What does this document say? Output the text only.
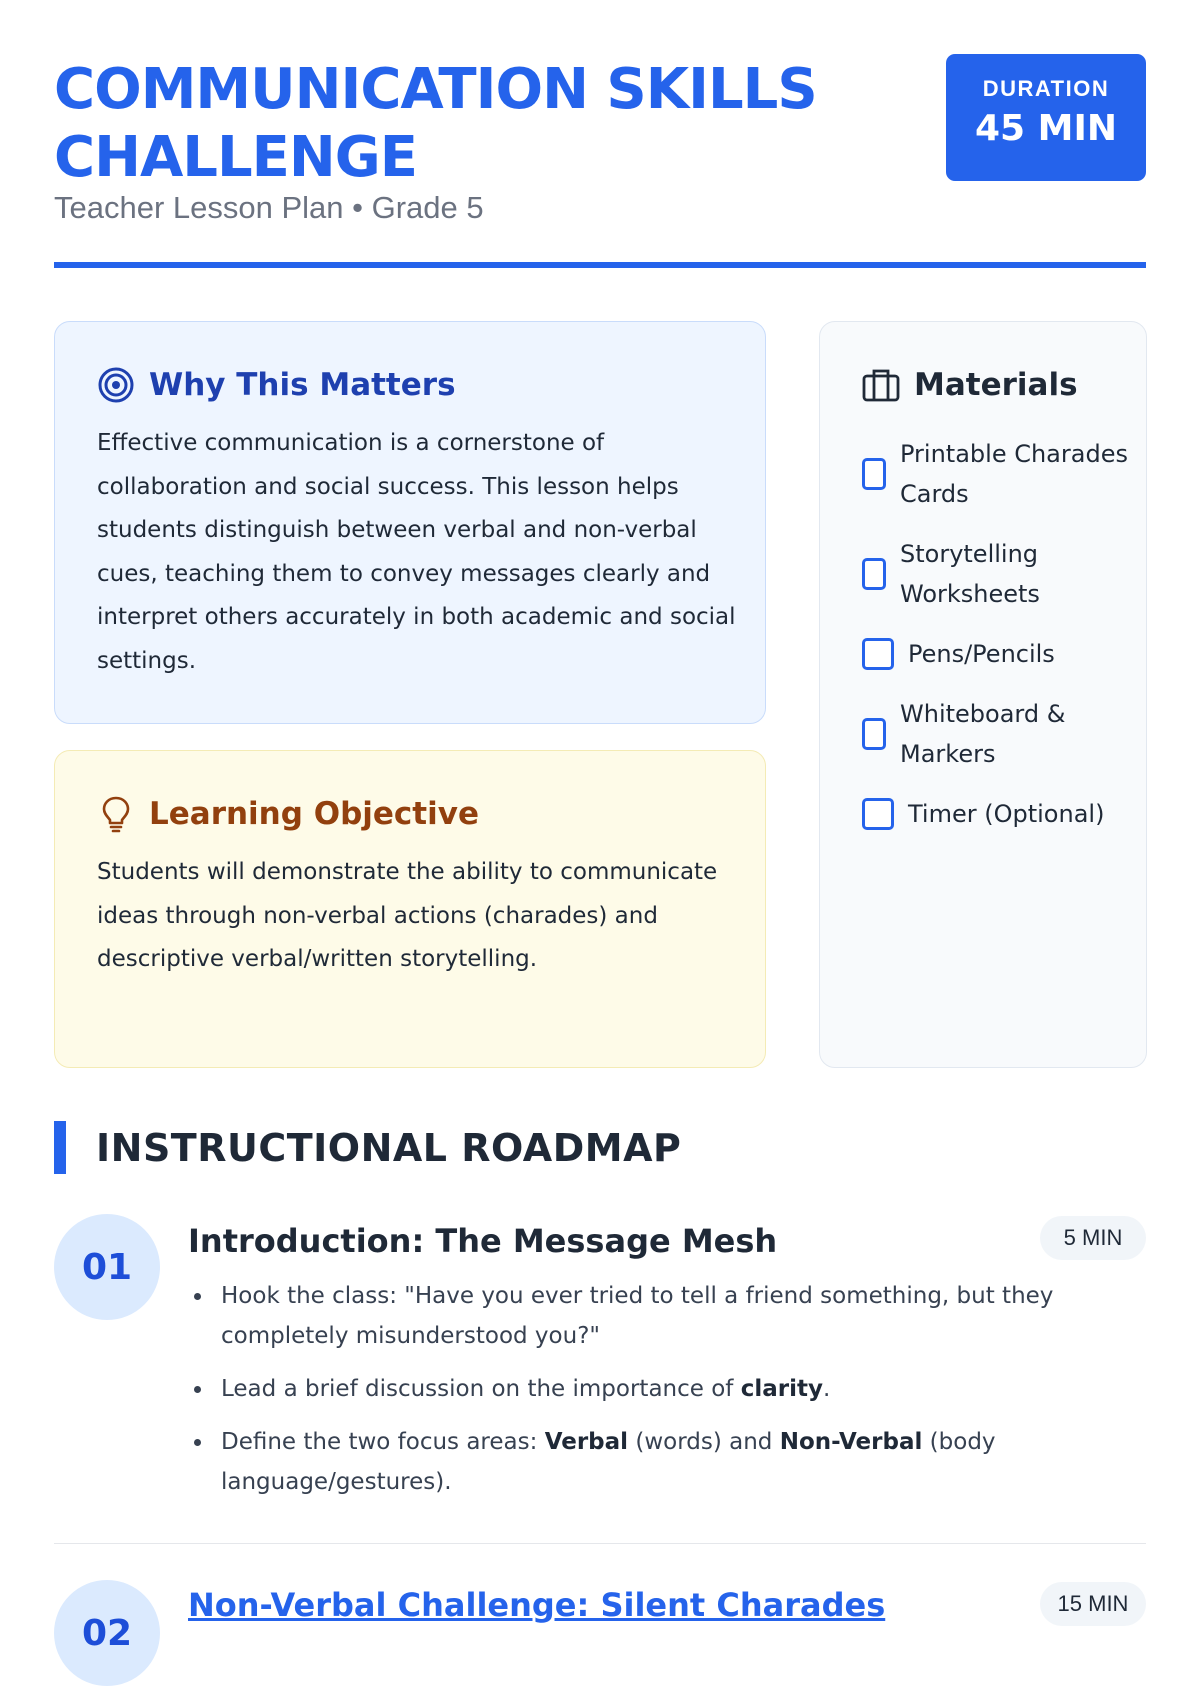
COMMUNICATION SKILLS CHALLENGE
Teacher Lesson Plan • Grade 5
DURATION
45 MIN
Why This Matters

Effective communication is a cornerstone of collaboration and social success. This lesson helps students distinguish between verbal and non-verbal cues, teaching them to convey messages clearly and interpret others accurately in both academic and social settings.

Learning Objective

Students will demonstrate the ability to communicate ideas through non-verbal actions (charades) and descriptive verbal/written storytelling.

Materials
Printable Charades Cards
Storytelling Worksheets
Pens/Pencils
Whiteboard & Markers
Timer (Optional)
INSTRUCTIONAL ROADMAP
01
Introduction: The Message Mesh	5 MIN
Hook the class: "Have you ever tried to tell a friend something, but they completely misunderstood you?"
Lead a brief discussion on the importance of clarity.
Define the two focus areas: Verbal (words) and Non-Verbal (body language/gestures).
02
Non-Verbal Challenge: Silent Charades	15 MIN
